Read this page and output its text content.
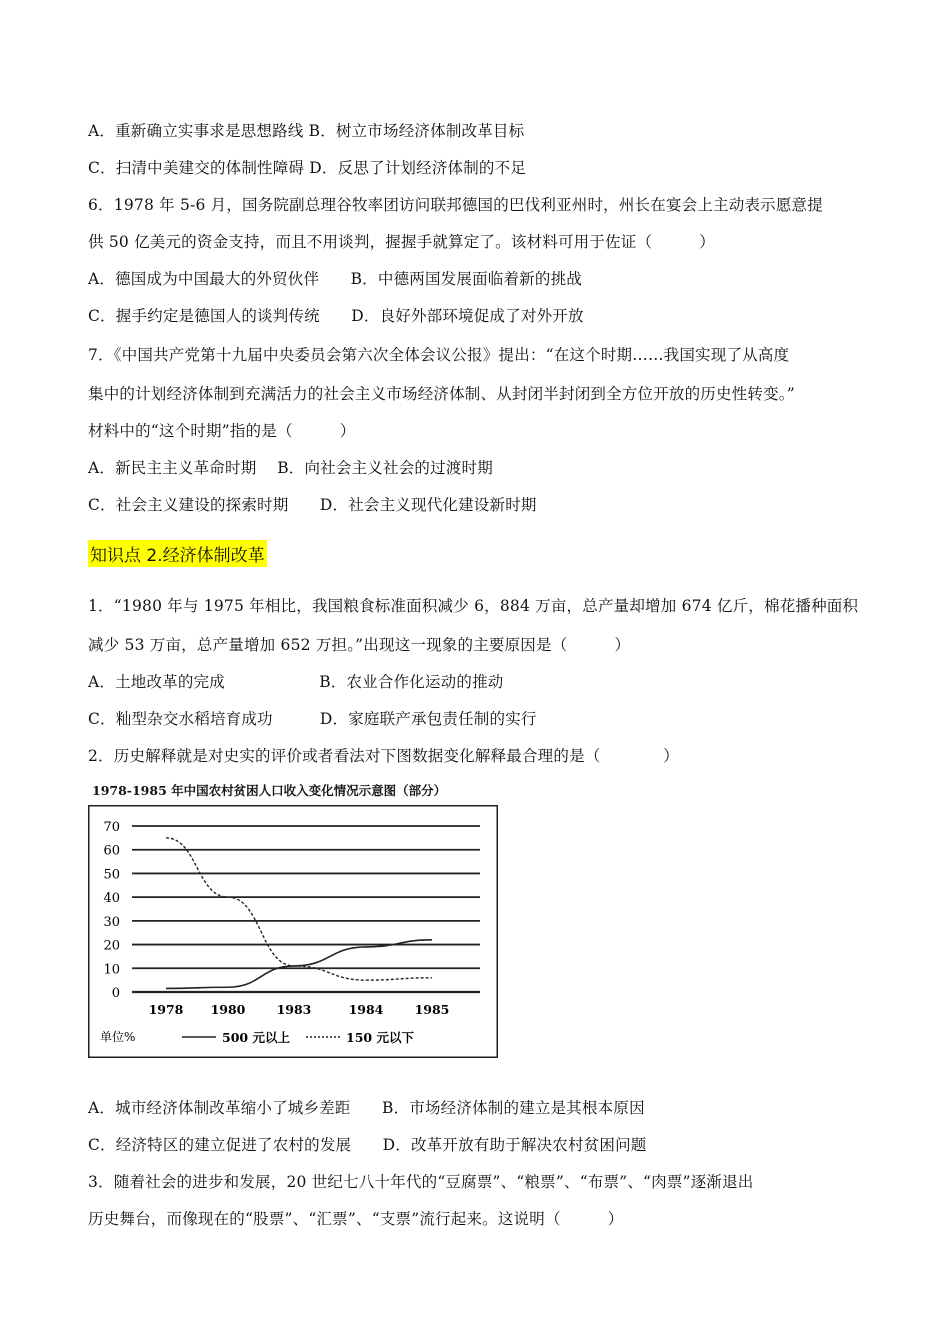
A．重新确立实事求是思想路线 B．树立市场经济体制改革目标
C．扫清中美建交的体制性障碍 D．反思了计划经济体制的不足
6．1978 年 5-6 月，国务院副总理谷牧率团访问联邦德国的巴伐利亚州时，州长在宴会上主动表示愿意提
供 50 亿美元的资金支持，而且不用谈判，握握手就算定了。该材料可用于佐证（　　　）
A．德国成为中国最大的外贸伙伴　　B．中德两国发展面临着新的挑战
C．握手约定是德国人的谈判传统　　D．良好外部环境促成了对外开放
7．《中国共产党第十九届中央委员会第六次全体会议公报》提出：“在这个时期……我国实现了从高度
集中的计划经济体制到充满活力的社会主义市场经济体制、从封闭半封闭到全方位开放的历史性转变。”
材料中的“这个时期”指的是（　　　）
A．新民主主义革命时期　 B．向社会主义社会的过渡时期
C．社会主义建设的探索时期　　D．社会主义现代化建设新时期
知识点 2.经济体制改革
1．“1980 年与 1975 年相比，我国粮食标准面积减少 6，884 万亩，总产量却增加 674 亿斤，棉花播种面积
减少 53 万亩，总产量增加 652 万担。”出现这一现象的主要原因是（　　　）
A．土地改革的完成　　　　　　B．农业合作化运动的推动
C．籼型杂交水稻培育成功　　　D．家庭联产承包责任制的实行
2．历史解释就是对史实的评价或者看法对下图数据变化解释最合理的是（　　　　）
1978-1985 年中国农村贫困人口收入变化情况示意图（部分）
70
60
50
40
30
20
10
0
1978 1980 1983	1984 1985
单位%	500 元以上	150 元以下
A．城市经济体制改革缩小了城乡差距　　B．市场经济体制的建立是其根本原因
C．经济特区的建立促进了农村的发展　　D．改革开放有助于解决农村贫困问题
3．随着社会的进步和发展，20 世纪七八十年代的“豆腐票”、“粮票”、“布票”、“肉票”逐渐退出
历史舞台，而像现在的“股票”、“汇票”、“支票”流行起来。这说明（　　　）
